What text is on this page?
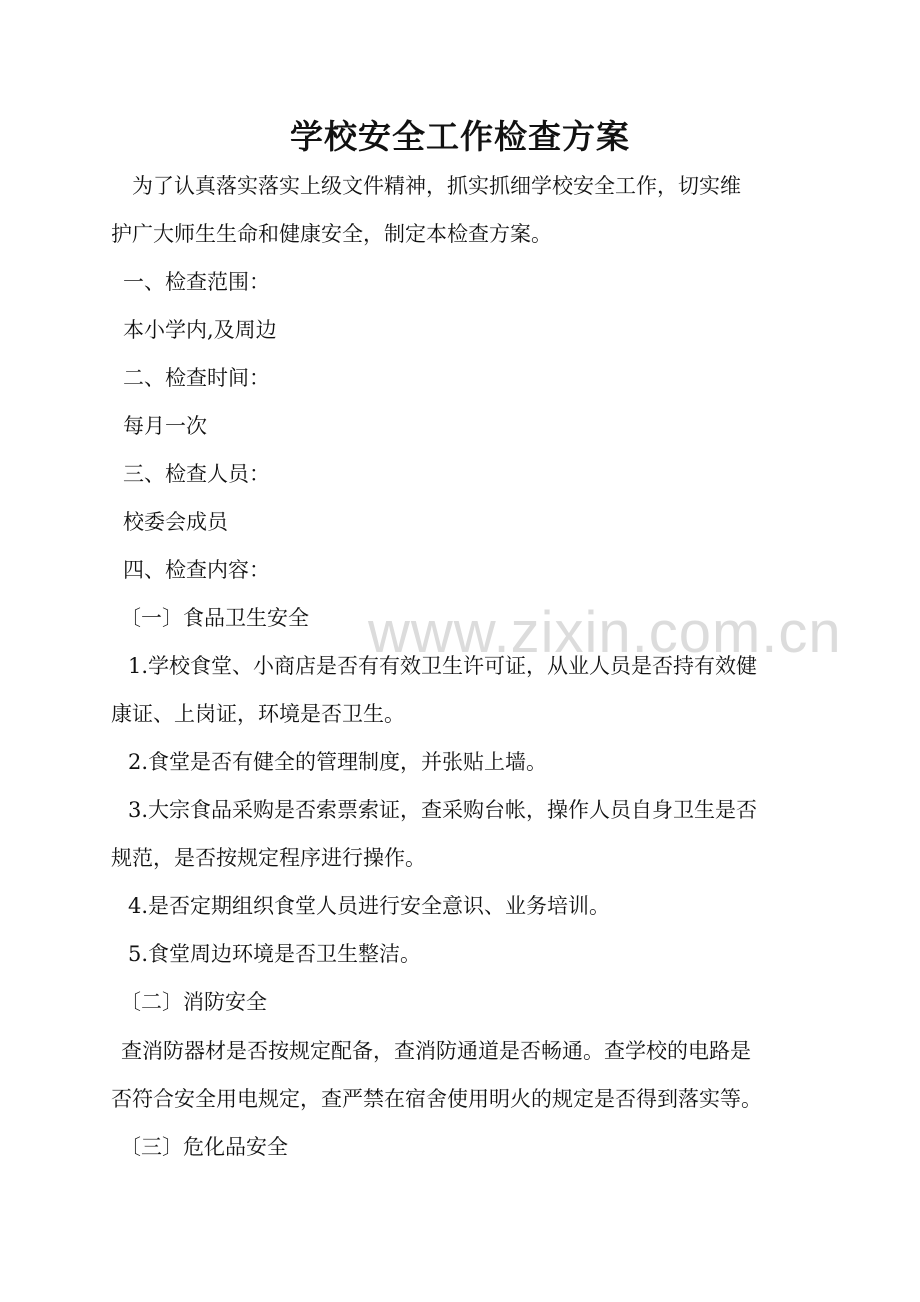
www.zixin.com.cn
学校安全工作检查方案
为了认真落实落实上级文件精神，抓实抓细学校安全工作，切实维
护广大师生生命和健康安全，制定本检查方案。
一、检查范围：
本小学内,及周边
二、检查时间：
每月一次
三、检查人员：
校委会成员
四、检查内容：
〔一〕食品卫生安全
1.学校食堂、小商店是否有有效卫生许可证，从业人员是否持有效健
康证、上岗证，环境是否卫生。
2.食堂是否有健全的管理制度，并张贴上墙。
3.大宗食品采购是否索票索证，查采购台帐，操作人员自身卫生是否
规范，是否按规定程序进行操作。
4.是否定期组织食堂人员进行安全意识、业务培训。
5.食堂周边环境是否卫生整洁。
〔二〕消防安全
查消防器材是否按规定配备，查消防通道是否畅通。查学校的电路是
否符合安全用电规定，查严禁在宿舍使用明火的规定是否得到落实等。
〔三〕危化品安全
